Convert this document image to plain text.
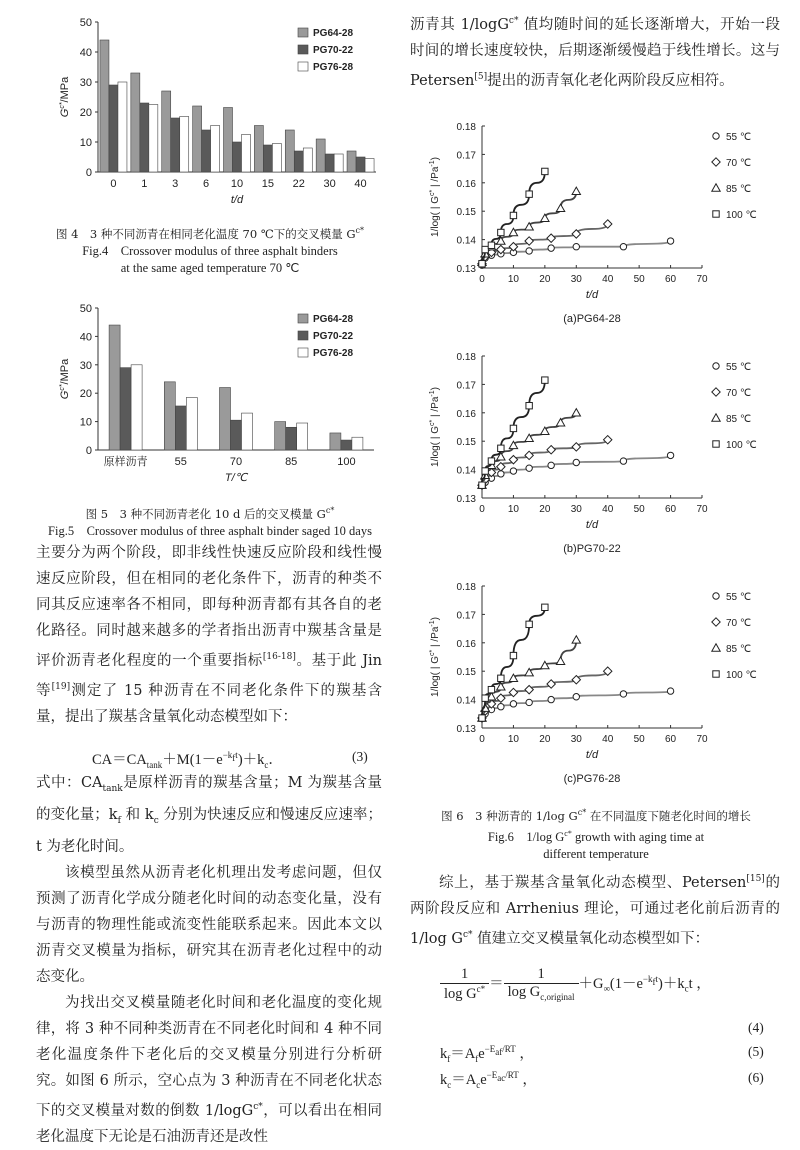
0
10
20
30
40
50
$G^{c*}$/MPa
0 1 3 6 10 15 22 30 40
t/d
PG64-28
PG70-22
PG76-28
图 4　3 种不同沥青在相同老化温度 70 ℃下的交叉模量 $G^{c*}$
Fig.4　Crossover modulus of three asphalt binders
at the same aged temperature 70 ℃
0
10
20
30
40
50
$G^{c*}$/MPa
原样沥青 55	70	85	100
T/℃
PG64-28
PG70-22
PG76-28
图 5　3 种不同沥青老化 10 d 后的交叉模量 $G^{c*}$
Fig.5　Crossover modulus of three asphalt binder saged 10 days

主要分为两个阶段，即非线性快速反应阶段和线性慢速反应阶段，但在相同的老化条件下，沥青的种类不同其反应速率各不相同，即每种沥青都有其各自的老化路径。同时越来越多的学者指出沥青中羰基含量是评价沥青老化程度的一个重要指标[16-18]。基于此 Jin 等[19]测定了 15 种沥青在不同老化条件下的羰基含量，提出了羰基含量氧化动态模型如下：

$CA=CA_{tank}+M(1-e^{-kft})+k_c$．	(3)

式中：$CA_{tank}$是原样沥青的羰基含量；M 为羰基含量的变化量；$k_f$ 和 $k_c$ 分别为快速反应和慢速反应速率；t 为老化时间。

该模型虽然从沥青老化机理出发考虑问题，但仅预测了沥青化学成分随老化时间的动态变化量，没有与沥青的物理性能或流变性能联系起来。因此本文以沥青交叉模量为指标，研究其在沥青老化过程中的动态变化。

为找出交叉模量随老化时间和老化温度的变化规律，将 3 种不同种类沥青在不同老化时间和 4 种不同老化温度条件下老化后的交叉模量分别进行分析研究。如图 6 所示，空心点为 3 种沥青在不同老化状态下的交叉模量对数的倒数 1/logG$^{c*}$，可以看出在相同老化温度下无论是石油沥青还是改性

沥青其 1/logG$^{c*}$ 值均随时间的延长逐渐增大，开始一段时间的增长速度较快，后期逐渐缓慢趋于线性增长。这与 Petersen[5]提出的沥青氧化老化两阶段反应相符。

0.13
0.14
0.15
0.16
0.17
0.18
0 10 20 30 40 50 60 70
t/d
1/log( | $G^{c*}$ | $/Pa^{-1}$)
55 ℃
70 ℃
85 ℃
100 ℃
(a)PG64-28
0.13
0.14
0.15
0.16
0.17
0.18
0 10 20 30 40 50 60 70
t/d
1/log( | $G^{c*}$ | $/Pa^{-1}$)
55 ℃
70 ℃
85 ℃
100 ℃
(b)PG70-22
0.13
0.14
0.15
0.16
0.17
0.18
0 10 20 30 40 50 60 70
t/d
1/log( | $G^{c*}$ | $/Pa^{-1}$)
55 ℃
70 ℃
85 ℃
100 ℃
(c)PG76-28
图 6　3 种沥青的 1/log $G^{c*}$ 在不同温度下随老化时间的增长
Fig.6　1/log $G^{c*}$ growth with aging time at
different temperature

综上，基于羰基含量氧化动态模型、Petersen[15]的两阶段反应和 Arrhenius 理论，可通过老化前后沥青的 1/log $G^{c*}$ 值建立交叉模量氧化动态模型如下：

$\frac{1}{\log G^{c*}} = \frac{1}{\log G_{c,original}} +G_\infty(1-e^{-kft})+k_ct$ ，
(4)
$k_f=A_fe^{-Eaf/RT}$ ，	(5)
$k_c=A_ce^{-Eac/RT}$ ，	(6)
